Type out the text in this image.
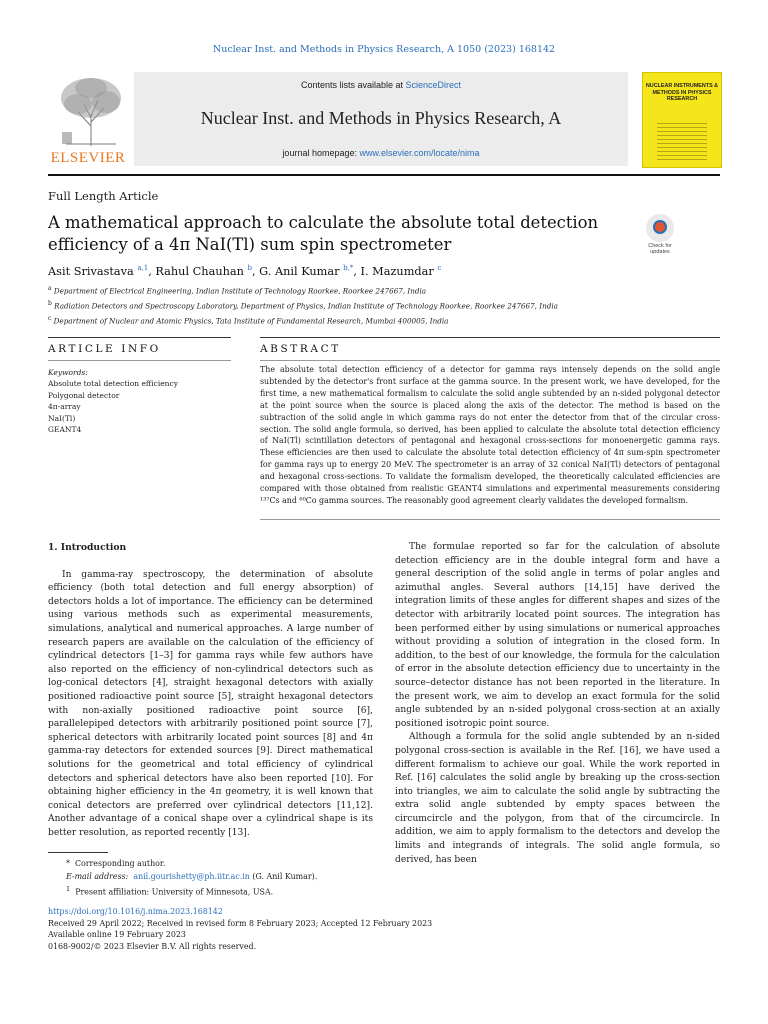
Nuclear Inst. and Methods in Physics Research, A 1050 (2023) 168142
ELSEVIER
Contents lists available at ScienceDirect
Nuclear Inst. and Methods in Physics Research, A
journal homepage: www.elsevier.com/locate/nima
NUCLEAR INSTRUMENTS & METHODS IN PHYSICS RESEARCH
Full Length Article
A mathematical approach to calculate the absolute total detection efficiency of a 4π NaI(Tl) sum spin spectrometer	Check for updates
Asit Srivastava $^{a,1}$, Rahul Chauhan $^b$, G. Anil Kumar $^{b,*}$, I. Mazumdar $^c$
$^a$ Department of Electrical Engineering, Indian Institute of Technology Roorkee, Roorkee 247667, India
$^b$ Radiation Detectors and Spectroscopy Laboratory, Department of Physics, Indian Institute of Technology Roorkee, Roorkee 247667, India
$^c$ Department of Nuclear and Atomic Physics, Tata Institute of Fundamental Research, Mumbai 400005, India
ARTICLE INFO	ABSTRACT
Keywords:
Absolute total detection efficiency
Polygonal detector
4π-array
NaI(Tl)
GEANT4
The absolute total detection efficiency of a detector for gamma rays intensely depends on the solid angle subtended by the detector's front surface at the gamma source. In the present work, we have developed, for the first time, a new mathematical formalism to calculate the solid angle subtended by an n-sided polygonal detector at the point source when the source is placed along the axis of the detector. The method is based on the subtraction of the solid angle in which gamma rays do not enter the detector from that of the circular cross-section. The solid angle formula, so derived, has been applied to calculate the absolute total detection efficiency of NaI(Tl) scintillation detectors of pentagonal and hexagonal cross-sections for monoenergetic gamma rays. These efficiencies are then used to calculate the absolute total detection efficiency of 4π sum-spin spectrometer for gamma rays up to energy 20 MeV. The spectrometer is an array of 32 conical NaI(Tl) detectors of pentagonal and hexagonal cross-sections. To validate the formalism developed, the theoretically calculated efficiencies are compared with those obtained from realistic GEANT4 simulations and experimental measurements considering ¹³⁷Cs and ⁶⁰Co gamma sources. The reasonably good agreement clearly validates the developed formalism.
1. Introduction

In gamma-ray spectroscopy, the determination of absolute efficiency (both total detection and full energy absorption) of detectors holds a lot of importance. The efficiency can be determined using various methods such as experimental measurements, simulations, analytical and numerical approaches. A large number of research papers are available on the calculation of the efficiency of cylindrical detectors [1–3] for gamma rays while few authors have also reported on the efficiency of non-cylindrical detectors such as log-conical detectors [4], straight hexagonal detectors with axially positioned radioactive point source [5], straight hexagonal detectors with non-axially positioned radioactive point source [6], parallelepiped detectors with arbitrarily positioned point source [7], spherical detectors with arbitrarily located point sources [8] and 4π gamma-ray detectors for extended sources [9]. Direct mathematical solutions for the geometrical and total efficiency of cylindrical detectors and spherical detectors have also been reported [10]. For obtaining higher efficiency in the 4π geometry, it is well known that conical detectors are preferred over cylindrical detectors [11,12]. Another advantage of a conical shape over a cylindrical shape is its better resolution, as reported recently [13].

The formulae reported so far for the calculation of absolute detection efficiency are in the double integral form and have a general description of the solid angle in terms of polar angles and azimuthal angles. Several authors [14,15] have derived the integration limits of these angles for different shapes and sizes of the detector with arbitrarily located point sources. The integration has been performed either by using simulations or numerical approaches without providing a solution of integration in the closed form. In addition, to the best of our knowledge, the formula for the calculation of error in the absolute detection efficiency due to uncertainty in the source–detector distance has not been reported in the literature. In the present work, we aim to develop an exact formula for the solid angle subtended by an n-sided polygonal cross-section at an axially positioned isotropic point source.

Although a formula for the solid angle subtended by an n-sided polygonal cross-section is available in the Ref. [16], we have used a different formalism to achieve our goal. While the work reported in Ref. [16] calculates the solid angle by breaking up the cross-section into triangles, we aim to calculate the solid angle by subtracting the extra solid angle subtended by empty spaces between the circumcircle and the polygon, from that of the circumcircle. In addition, we aim to apply formalism to the detectors and develop the limits and integrands of integrals. The solid angle formula, so derived, has been

*  Corresponding author.
E-mail address: anil.gourishetty@ph.iitr.ac.in (G. Anil Kumar).
$^1$ Present affiliation: University of Minnesota, USA.
https://doi.org/10.1016/j.nima.2023.168142
Received 29 April 2022; Received in revised form 8 February 2023; Accepted 12 February 2023
Available online 19 February 2023
0168-9002/© 2023 Elsevier B.V. All rights reserved.
